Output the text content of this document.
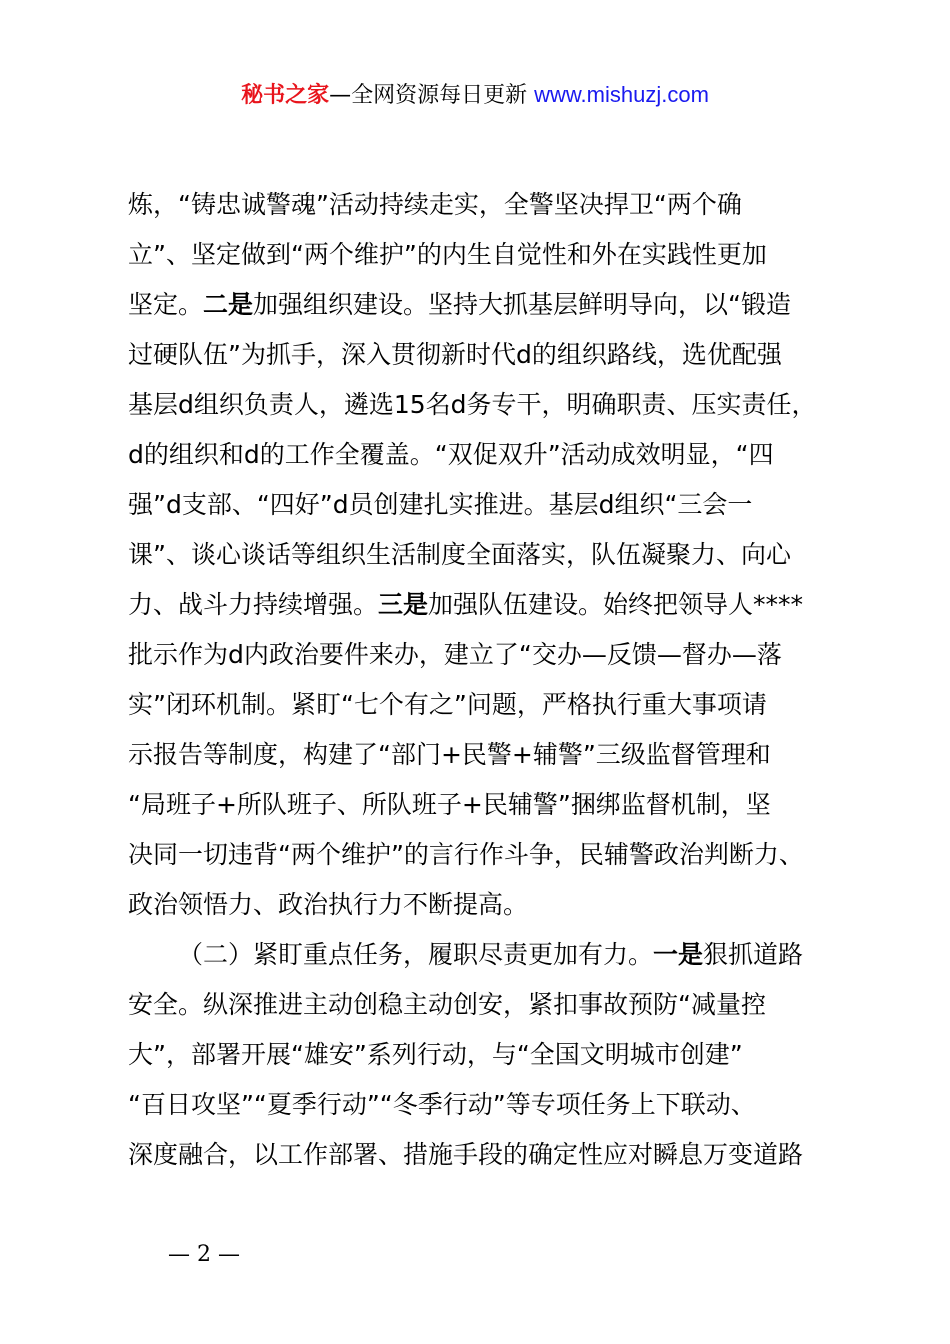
秘书之家—全网资源每日更新 www.mishuzj.com
炼，“铸忠诚警魂”活动持续走实，全警坚决捍卫“两个确
立”、坚定做到“两个维护”的内生自觉性和外在实践性更加
坚定。二是加强组织建设。坚持大抓基层鲜明导向，以“锻造
过硬队伍”为抓手，深入贯彻新时代d的组织路线，选优配强
基层d组织负责人，遴选15名d务专干，明确职责、压实责任，
d的组织和d的工作全覆盖。“双促双升”活动成效明显，“四
强”d支部、“四好”d员创建扎实推进。基层d组织“三会一
课”、谈心谈话等组织生活制度全面落实，队伍凝聚力、向心
力、战斗力持续增强。三是加强队伍建设。始终把领导人****
批示作为d内政治要件来办，建立了“交办—反馈—督办—落
实”闭环机制。紧盯“七个有之”问题，严格执行重大事项请
示报告等制度，构建了“部门+民警+辅警”三级监督管理和
“局班子+所队班子、所队班子+民辅警”捆绑监督机制，坚
决同一切违背“两个维护”的言行作斗争，民辅警政治判断力、
政治领悟力、政治执行力不断提高。
（二）紧盯重点任务，履职尽责更加有力。一是狠抓道路
安全。纵深推进主动创稳主动创安，紧扣事故预防“减量控
大”，部署开展“雄安”系列行动，与“全国文明城市创建”
“百日攻坚”“夏季行动”“冬季行动”等专项任务上下联动、
深度融合，以工作部署、措施手段的确定性应对瞬息万变道路
— 2 —
